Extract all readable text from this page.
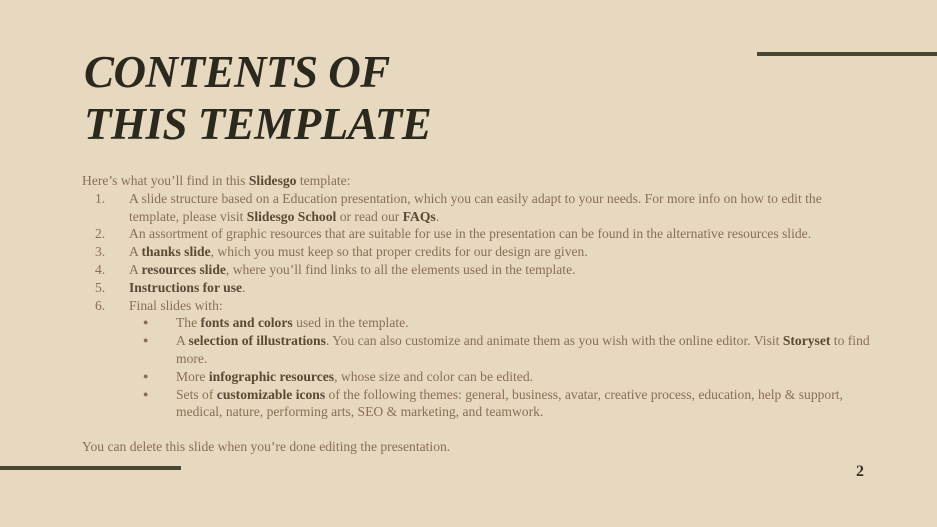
CONTENTS OF
THIS TEMPLATE

Here’s what you’ll find in this Slidesgo template:

1. A slide structure based on a Education presentation, which you can easily adapt to your needs. For more info on how to edit the template, please visit Slidesgo School or read our FAQs.
2. An assortment of graphic resources that are suitable for use in the presentation can be found in the alternative resources slide.
3. A thanks slide, which you must keep so that proper credits for our design are given.
4. A resources slide, where you’ll find links to all the elements used in the template.
5. Instructions for use.
6. Final slides with:
● The fonts and colors used in the template.
● A selection of illustrations. You can also customize and animate them as you wish with the online editor. Visit Storyset to find more.
● More infographic resources, whose size and color can be edited.
● Sets of customizable icons of the following themes: general, business, avatar, creative process, education, help & support, medical, nature, performing arts, SEO & marketing, and teamwork.

You can delete this slide when you’re done editing the presentation.

2
